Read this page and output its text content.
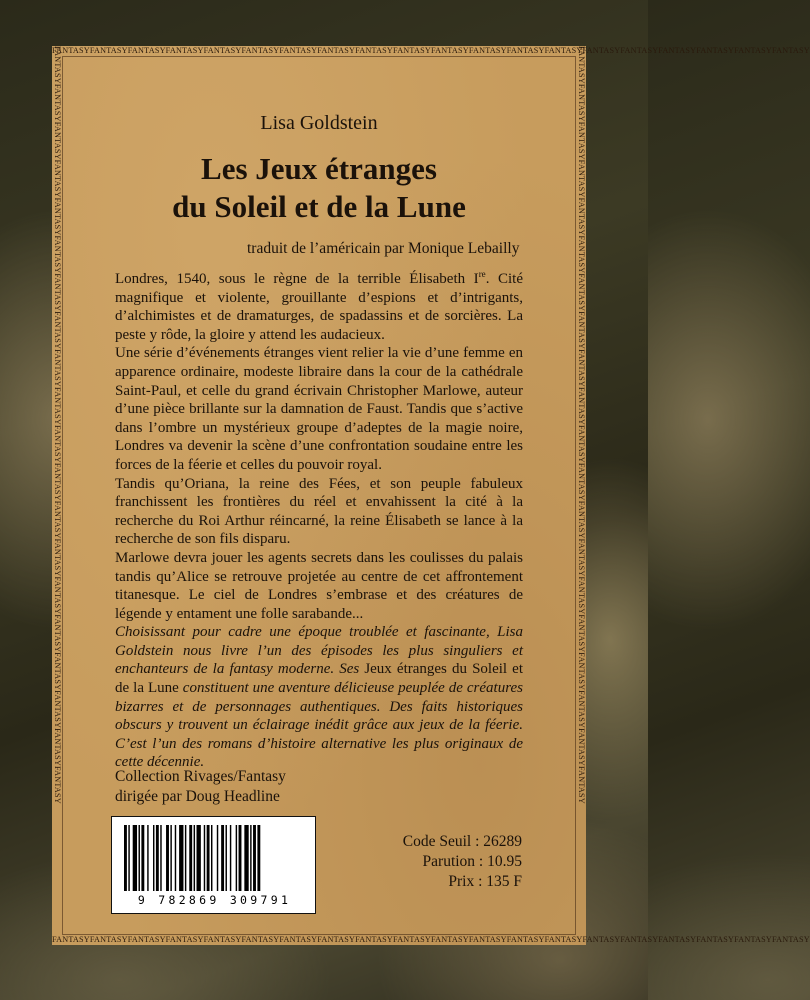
FANTASYFANTASYFANTASYFANTASYFANTASYFANTASYFANTASYFANTASYFANTASYFANTASYFANTASYFANTASYFANTASYFANTASYFANTASYFANTASYFANTASYFANTASYFANTASYFANTASY
FANTASYFANTASYFANTASYFANTASYFANTASYFANTASYFANTASYFANTASYFANTASYFANTASYFANTASYFANTASYFANTASYFANTASYFANTASYFANTASYFANTASYFANTASYFANTASYFANTASY
FANTASYFANTASYFANTASYFANTASYFANTASYFANTASYFANTASYFANTASYFANTASYFANTASYFANTASYFANTASYFANTASYFANTASYFANTASYFANTASYFANTASYFANTASYFANTASYFANTASY	FANTASYFANTASYFANTASYFANTASYFANTASYFANTASYFANTASYFANTASYFANTASYFANTASYFANTASYFANTASYFANTASYFANTASYFANTASYFANTASYFANTASYFANTASYFANTASYFANTASY
Lisa Goldstein
Les Jeux étranges
du Soleil et de la Lune
traduit de l’américain par Monique Lebailly

Londres, 1540, sous le règne de la terrible Élisabeth Ire. Cité magnifique et violente, grouillante d’espions et d’intrigants, d’alchimistes et de dramaturges, de spadassins et de sorcières. La peste y rôde, la gloire y attend les audacieux.

Une série d’événements étranges vient relier la vie d’une femme en apparence ordinaire, modeste libraire dans la cour de la cathédrale Saint-Paul, et celle du grand écrivain Christopher Marlowe, auteur d’une pièce brillante sur la damnation de Faust. Tandis que s’active dans l’ombre un mystérieux groupe d’adeptes de la magie noire, Londres va devenir la scène d’une confrontation soudaine entre les forces de la féerie et celles du pouvoir royal.

Tandis qu’Oriana, la reine des Fées, et son peuple fabuleux franchissent les frontières du réel et envahissent la cité à la recherche du Roi Arthur réincarné, la reine Élisabeth se lance à la recherche de son fils disparu.

Marlowe devra jouer les agents secrets dans les coulisses du palais tandis qu’Alice se retrouve projetée au centre de cet affrontement titanesque. Le ciel de Londres s’embrase et des créatures de légende y entament une folle sarabande...

Choisissant pour cadre une époque troublée et fascinante, Lisa Goldstein nous livre l’un des épisodes les plus singuliers et enchanteurs de la fantasy moderne. Ses Jeux étranges du Soleil et de la Lune constituent une aventure délicieuse peuplée de créatures bizarres et de personnages authentiques. Des faits historiques obscurs y trouvent un éclairage inédit grâce aux jeux de la féerie. C’est l’un des romans d’histoire alternative les plus originaux de cette décennie.

Collection Rivages/Fantasy
dirigée par Doug Headline
9 782869 309791
Code Seuil : 26289
Parution : 10.95
Prix : 135 F
